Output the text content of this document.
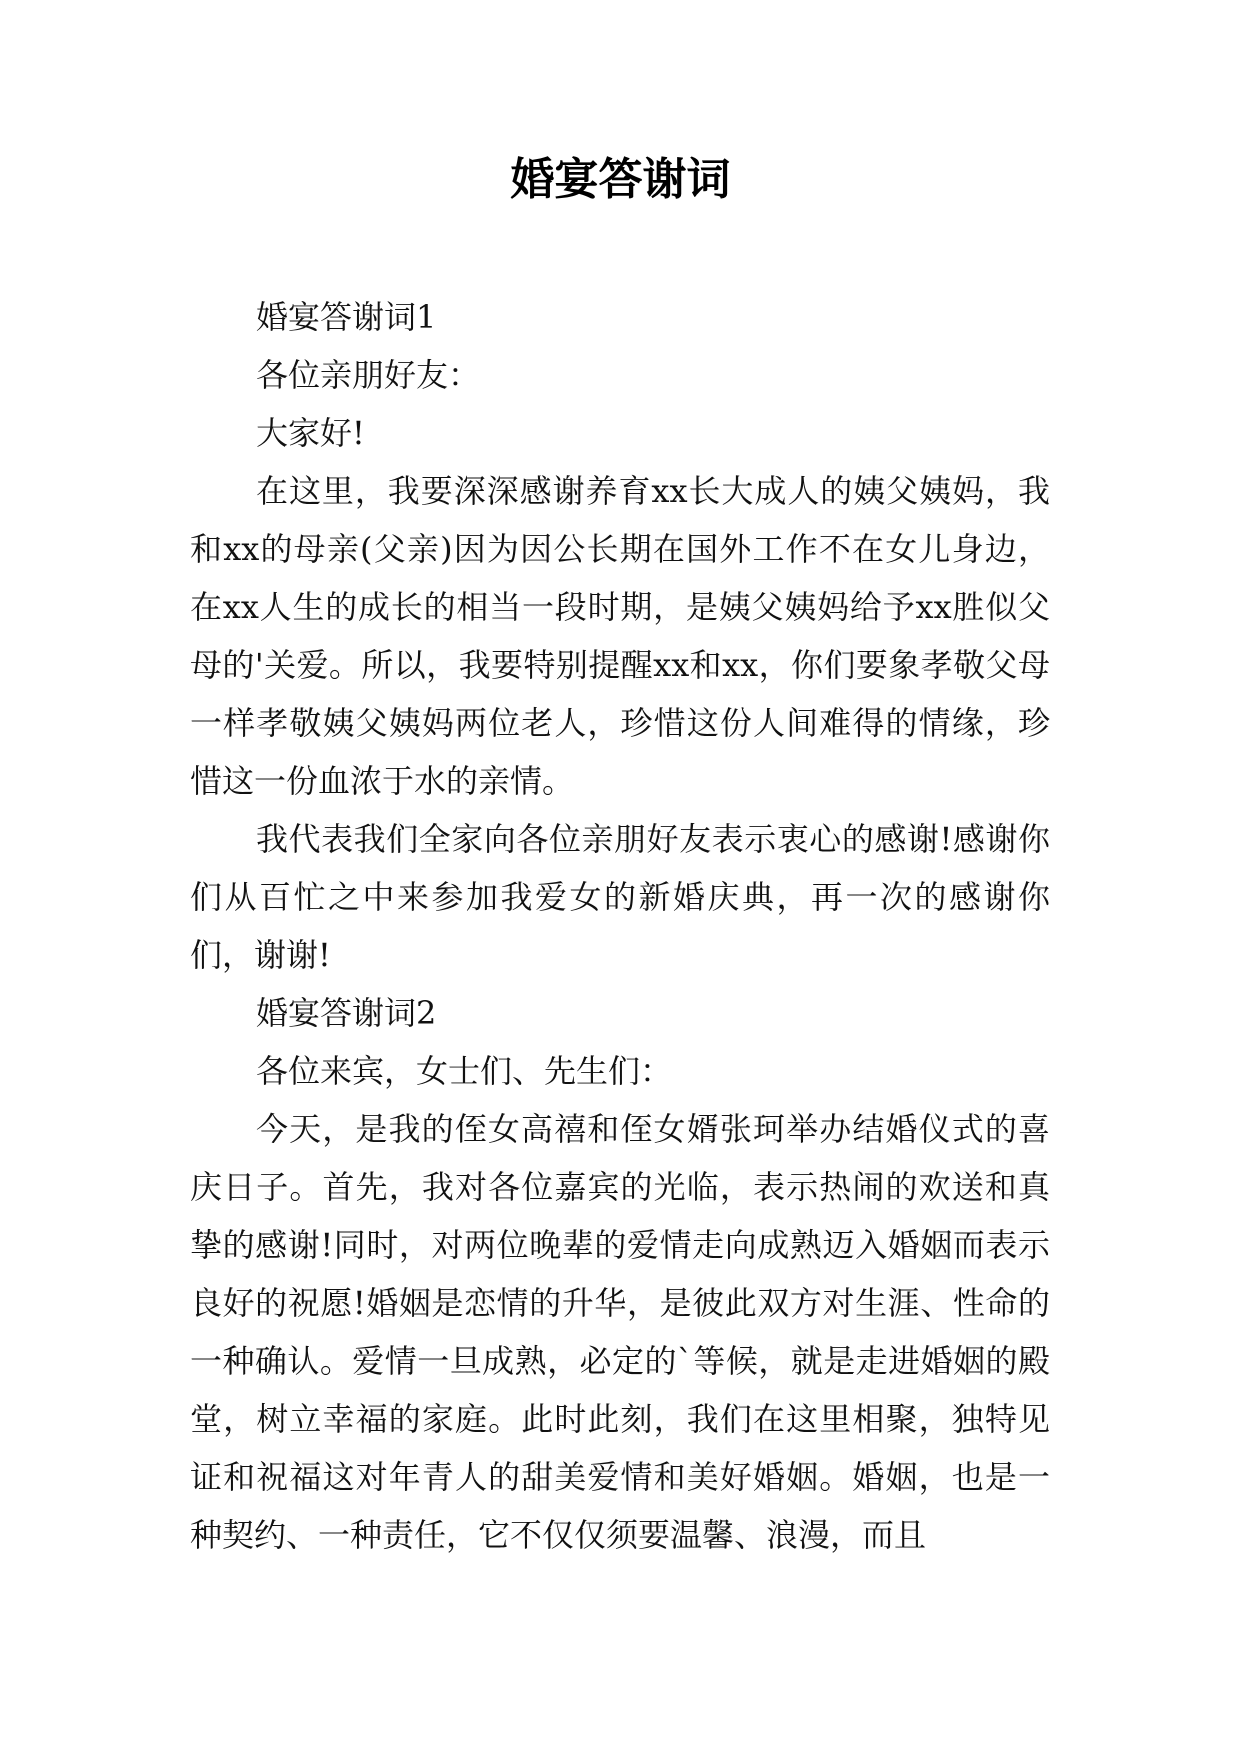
婚宴答谢词

婚宴答谢词1

各位亲朋好友：

大家好!

在这里，我要深深感谢养育xx长大成人的姨父姨妈，我和xx的母亲(父亲)因为因公长期在国外工作不在女儿身边，在xx人生的成长的相当一段时期，是姨父姨妈给予xx胜似父母的'关爱。所以，我要特别提醒xx和xx，你们要象孝敬父母一样孝敬姨父姨妈两位老人，珍惜这份人间难得的情缘，珍惜这一份血浓于水的亲情。

我代表我们全家向各位亲朋好友表示衷心的感谢!感谢你们从百忙之中来参加我爱女的新婚庆典，再一次的感谢你们，谢谢!

婚宴答谢词2

各位来宾，女士们、先生们：

今天，是我的侄女高禧和侄女婿张珂举办结婚仪式的喜庆日子。首先，我对各位嘉宾的光临，表示热闹的欢送和真挚的感谢!同时，对两位晚辈的爱情走向成熟迈入婚姻而表示良好的祝愿!婚姻是恋情的升华，是彼此双方对生涯、性命的一种确认。爱情一旦成熟，必定的`等候，就是走进婚姻的殿堂，树立幸福的家庭。此时此刻，我们在这里相聚，独特见证和祝福这对年青人的甜美爱情和美好婚姻。婚姻，也是一种契约、一种责任，它不仅仅须要温馨、浪漫，而且
